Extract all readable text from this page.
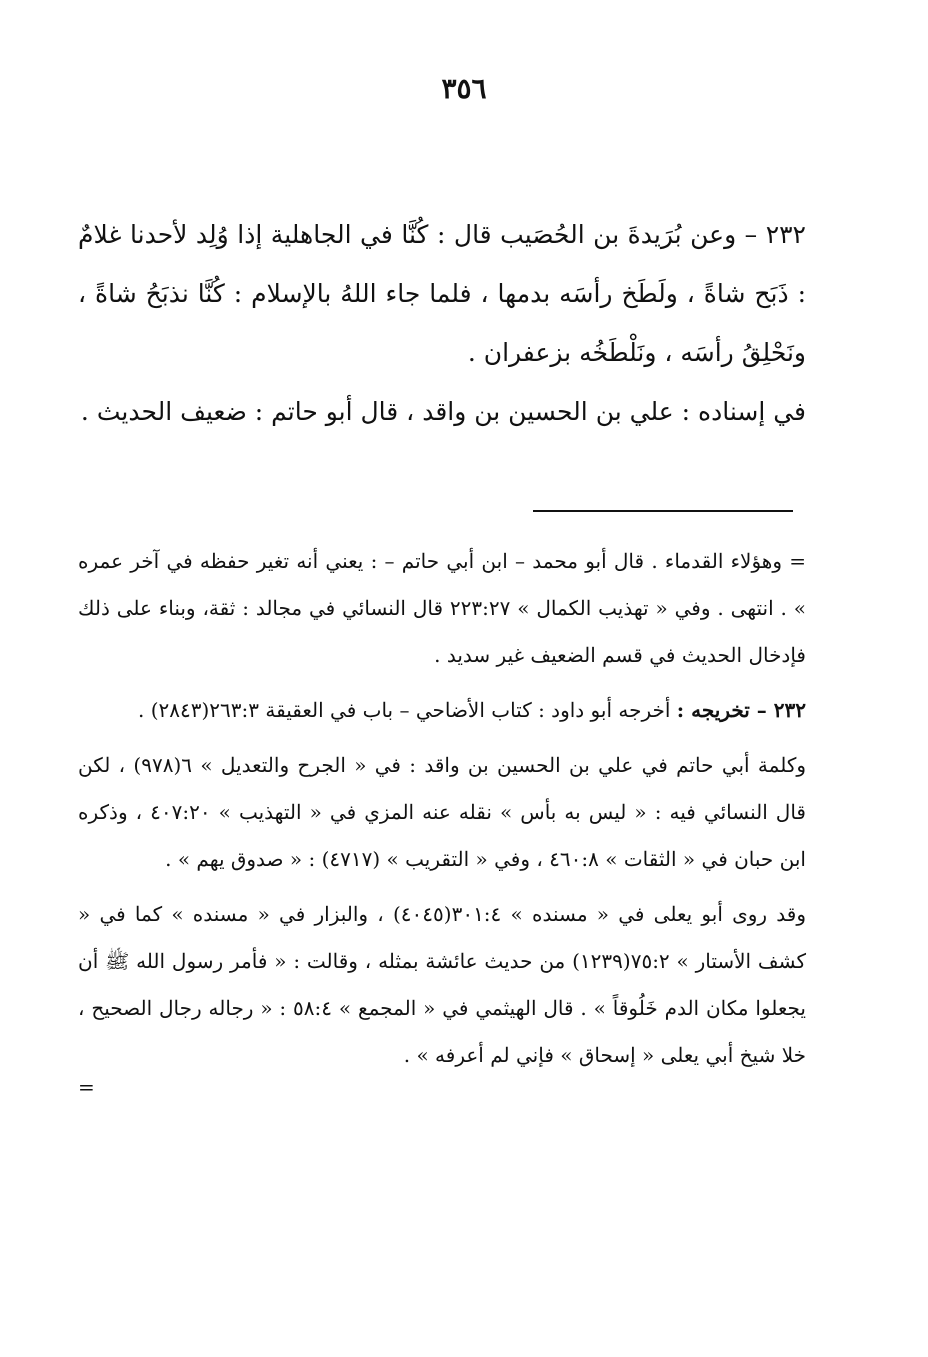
٣٥٦

٢٣٢ – وعن بُرَيدةَ بن الحُصَيب قال : كُنَّا في الجاهلية إذا وُلِد لأحدنا غلامٌ : ذَبَح شاةً ، ولَطَخ رأسَه بدمها ، فلما جاء اللهُ بالإسلام : كُنَّا نذبَحُ شاةً ، ونَحْلِقُ رأسَه ، ونَلْطَخُه بزعفران .

في إسناده : علي بن الحسين بن واقد ، قال أبو حاتم : ضعيف الحديث .

= وهؤلاء القدماء . قال أبو محمد – ابن أبي حاتم – : يعني أنه تغير حفظه في آخر عمره » . انتهى . وفي « تهذيب الكمال » ٢٢٣:٢٧ قال النسائي في مجالد : ثقة، وبناء على ذلك فإدخال الحديث في قسم الضعيف غير سديد .

٢٣٢ – تخريجه : أخرجه أبو داود : كتاب الأضاحي – باب في العقيقة ٢٦٣:٣(٢٨٤٣) .

وكلمة أبي حاتم في علي بن الحسين بن واقد : في « الجرح والتعديل » ٦(٩٧٨) ، لكن قال النسائي فيه : « ليس به بأس » نقله عنه المزي في « التهذيب » ٤٠٧:٢٠ ، وذكره ابن حبان في « الثقات » ٤٦٠:٨ ، وفي « التقريب » (٤٧١٧) : « صدوق يهم » .

وقد روى أبو يعلى في « مسنده » ٣٠١:٤(٤٠٤٥) ، والبزار في « مسنده » كما في « كشف الأستار » ٧٥:٢(١٢٣٩) من حديث عائشة بمثله ، وقالت : « فأمر رسول الله ﷺ أن يجعلوا مكان الدم خَلُوقاً » . قال الهيثمي في « المجمع » ٥٨:٤ : « رجاله رجال الصحيح ، خلا شيخ أبي يعلى « إسحاق » فإني لم أعرفه » .

=
